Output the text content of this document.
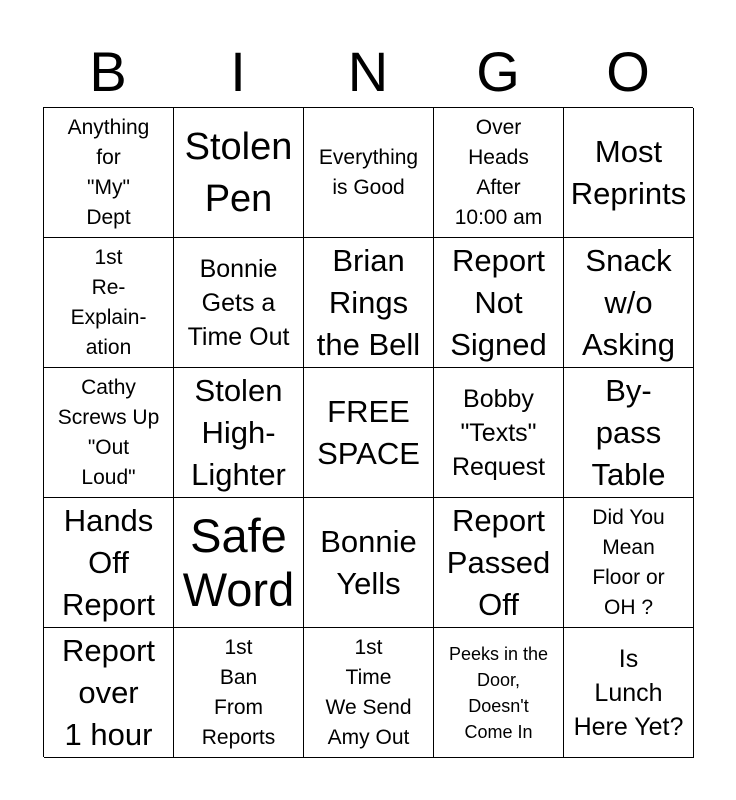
B	I	N	G	O
Anything
for
"My"
Dept
Stolen
Pen
Everything
is Good
Over
Heads
After
10:00 am
Most
Reprints
1st
Re-
Explain-
ation
Bonnie
Gets a
Time Out
Brian
Rings
the Bell
Report
Not
Signed
Snack
w/o
Asking
Cathy
Screws Up
"Out
Loud"
Stolen
High-
Lighter
FREE
SPACE
Bobby
"Texts"
Request
By-
pass
Table
Hands
Off
Report
Safe
Word
Bonnie
Yells
Report
Passed
Off
Did You
Mean
Floor or
OH ?
Report
over
1 hour
1st
Ban
From
Reports
1st
Time
We Send
Amy Out
Peeks in the
Door,
Doesn't
Come In
Is
Lunch
Here Yet?
